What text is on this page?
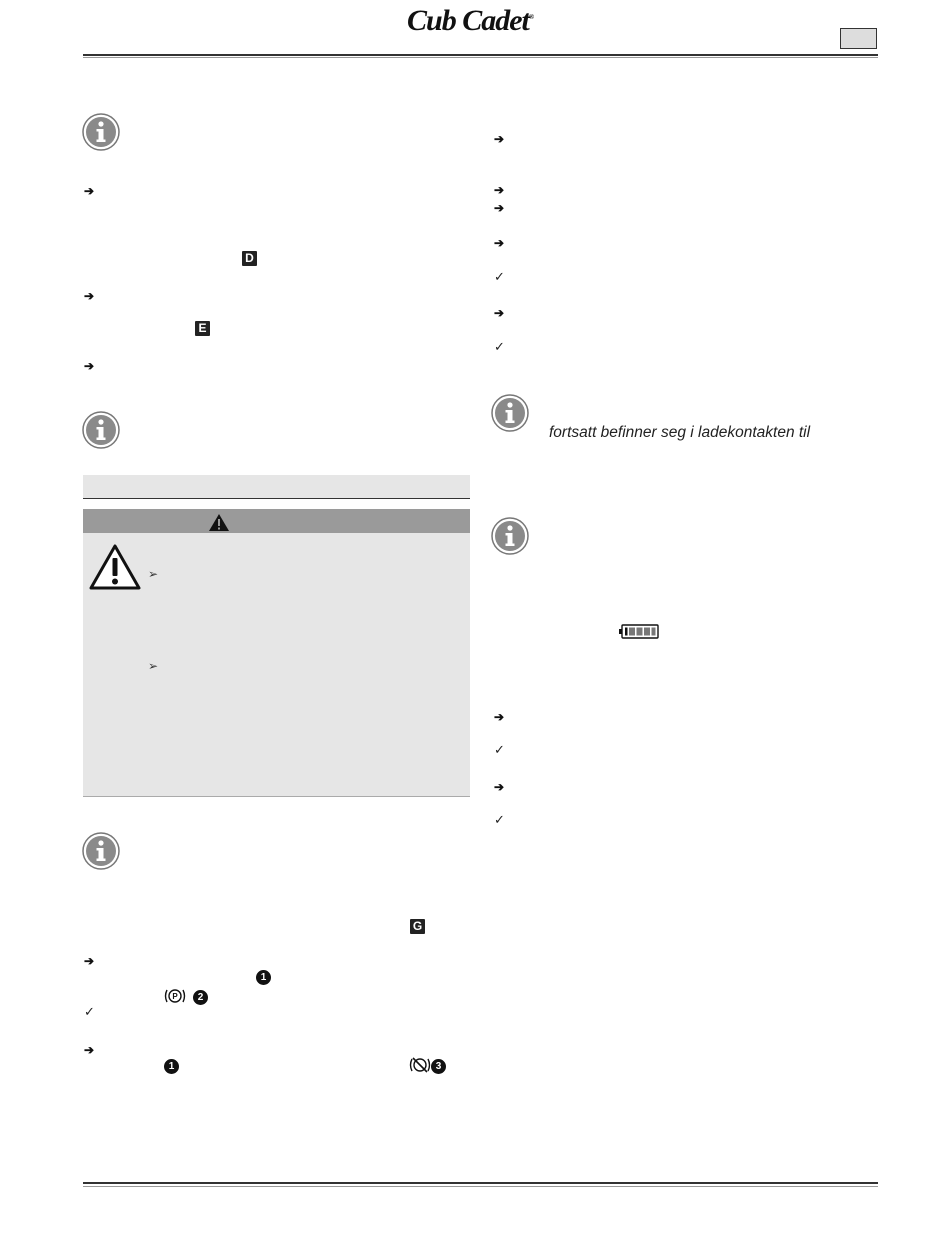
Cub Cadet®
➔
D
➔
E
➔
➢
➢
G
➔
1
P	2
✓
➔
1	3
➔
➔
➔
➔
✓
➔
✓
fortsatt befinner seg i ladekontakten til
➔
✓
➔
✓
